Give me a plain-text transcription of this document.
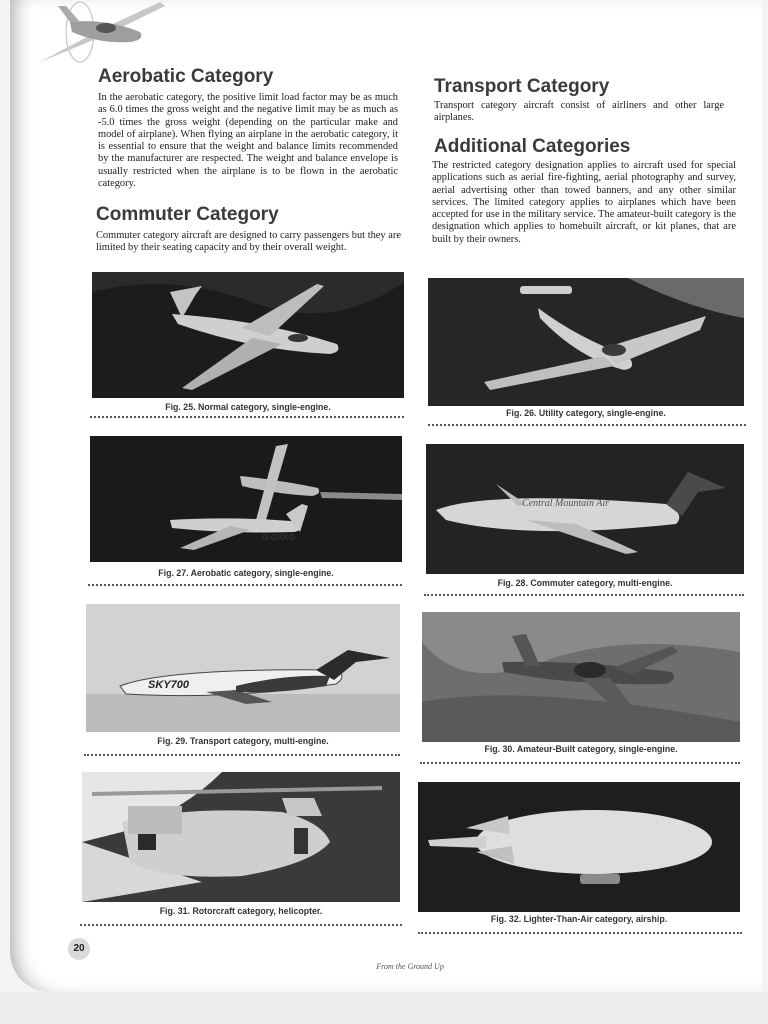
Aerobatic Category

In the aerobatic category, the positive limit load factor may be as much as 6.0 times the gross weight and the negative limit may be as much as -5.0 times the gross weight (depending on the particular make and model of airplane). When flying an airplane in the aerobatic category, it is essential to ensure that the weight and balance limits recommended by the manufacturer are respected. The weight and balance envelope is usually restricted when the airplane is to be flown in the aerobatic category.

Commuter Category

Commuter category aircraft are designed to carry passengers but they are limited by their seating capacity and by their overall weight.

Transport Category

Transport category aircraft consist of airliners and other large airplanes.

Additional Categories

The restricted category designation applies to aircraft used for special applications such as aerial fire-fighting, aerial photography and survey, aerial advertising other than towed banners, and any other similar services. The limited category applies to airplanes which have been accepted for use in the military service. The amateur-built category is the designation which applies to homebuilt aircraft, or kit planes, that are built by their owners.

Fig. 25. Normal category, single-engine.
Fig. 26. Utility category, single-engine.
G-GAKG
Fig. 27. Aerobatic category, single-engine.
Central Mountain Air
Fig. 28. Commuter category, multi-engine.
SKY700
Fig. 29. Transport category, multi-engine.
Fig. 30. Amateur-Built category, single-engine.
Fig. 31. Rotorcraft category, helicopter.
Fig. 32. Lighter-Than-Air category, airship.
20
From the Ground Up
